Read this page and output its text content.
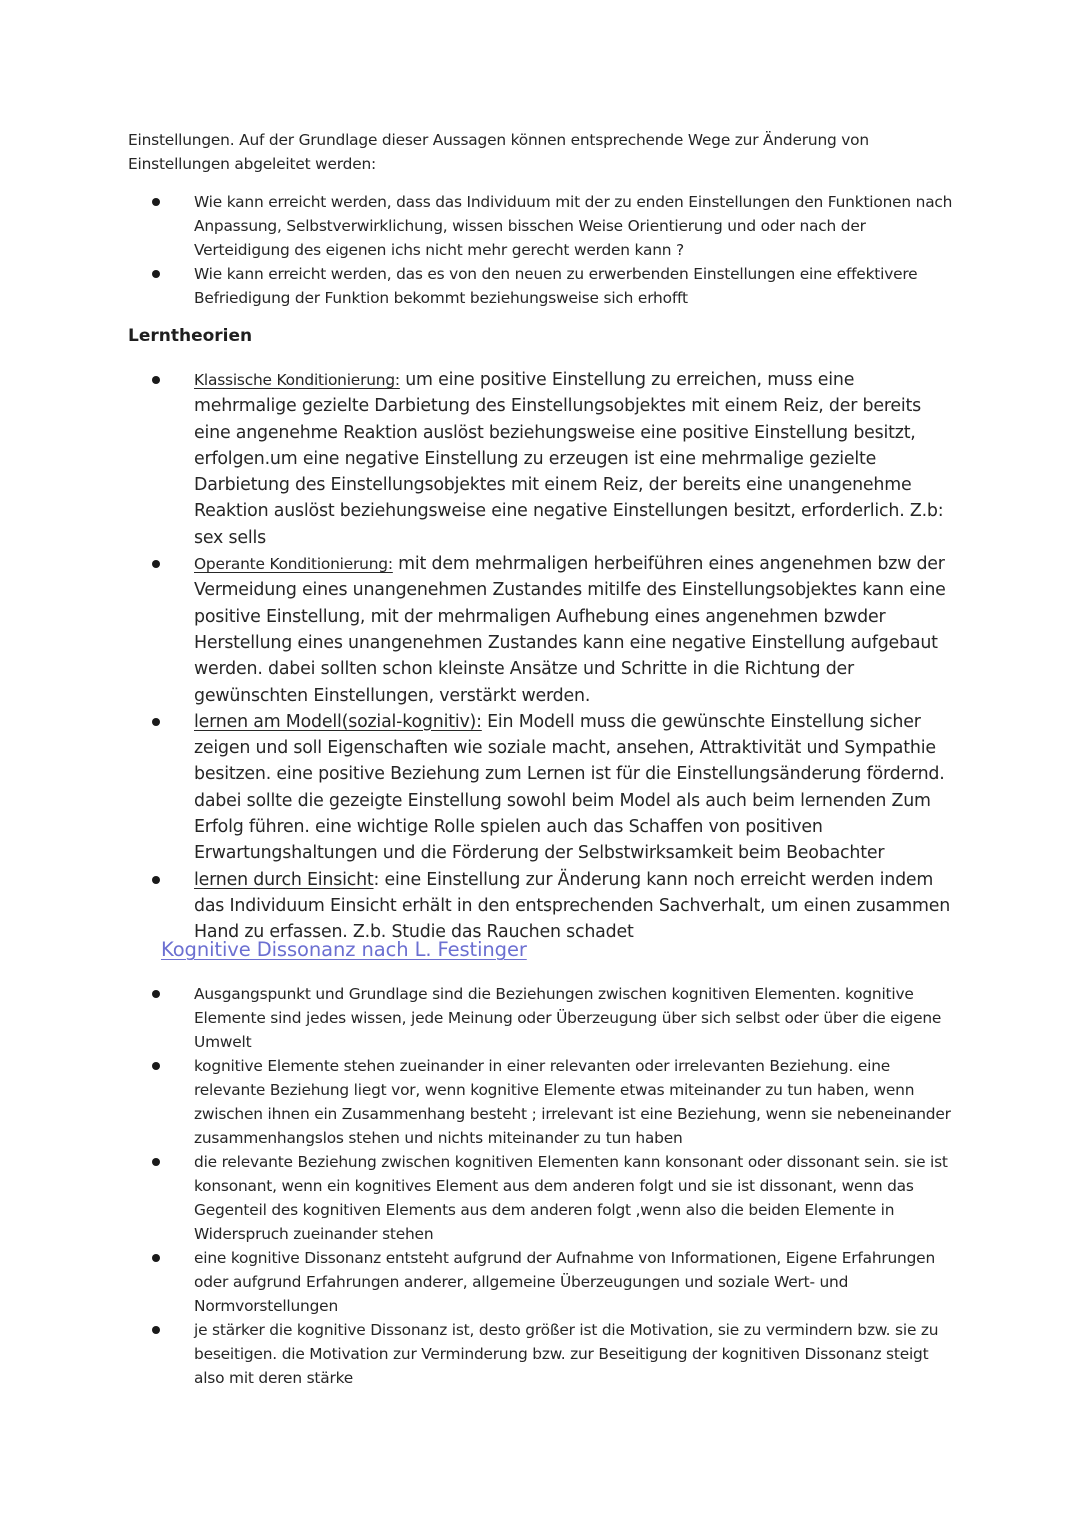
Einstellungen. Auf der Grundlage dieser Aussagen können entsprechende Wege zur Änderung von
Einstellungen abgeleitet werden:
Wie kann erreicht werden, dass das Individuum mit der zu enden Einstellungen den Funktionen nach Anpassung, Selbstverwirklichung, wissen bisschen Weise Orientierung und oder nach der Verteidigung des eigenen ichs nicht mehr gerecht werden kann ?
Wie kann erreicht werden, das es von den neuen zu erwerbenden Einstellungen eine effektivere Befriedigung der Funktion bekommt beziehungsweise sich erhofft
Lerntheorien
Klassische Konditionierung: um eine positive Einstellung zu erreichen, muss eine mehrmalige gezielte Darbietung des Einstellungsobjektes mit einem Reiz, der bereits eine angenehme Reaktion auslöst beziehungsweise eine positive Einstellung besitzt, erfolgen.um eine negative Einstellung zu erzeugen ist eine mehrmalige gezielte Darbietung des Einstellungsobjektes mit einem Reiz, der bereits eine unangenehme Reaktion auslöst beziehungsweise eine negative Einstellungen besitzt, erforderlich. Z.b: sex sells
Operante Konditionierung: mit dem mehrmaligen herbeiführen eines angenehmen bzw der Vermeidung eines unangenehmen Zustandes mitilfe des Einstellungsobjektes kann eine positive Einstellung, mit der mehrmaligen Aufhebung eines angenehmen bzwder Herstellung eines unangenehmen Zustandes kann eine negative Einstellung aufgebaut werden. dabei sollten schon kleinste Ansätze und Schritte in die Richtung der gewünschten Einstellungen, verstärkt werden.
lernen am Modell(sozial-kognitiv): Ein Modell muss die gewünschte Einstellung sicher zeigen und soll Eigenschaften wie soziale macht, ansehen, Attraktivität und Sympathie besitzen. eine positive Beziehung zum Lernen ist für die Einstellungsänderung fördernd. dabei sollte die gezeigte Einstellung sowohl beim Model als auch beim lernenden Zum Erfolg führen. eine wichtige Rolle spielen auch das Schaffen von positiven Erwartungshaltungen und die Förderung der Selbstwirksamkeit beim Beobachter
lernen durch Einsicht: eine Einstellung zur Änderung kann noch erreicht werden indem das Individuum Einsicht erhält in den entsprechenden Sachverhalt, um einen zusammen Hand zu erfassen. Z.b. Studie das Rauchen schadet
Kognitive Dissonanz nach L. Festinger
Ausgangspunkt und Grundlage sind die Beziehungen zwischen kognitiven Elementen. kognitive Elemente sind jedes wissen, jede Meinung oder Überzeugung über sich selbst oder über die eigene Umwelt
kognitive Elemente stehen zueinander in einer relevanten oder irrelevanten Beziehung. eine relevante Beziehung liegt vor, wenn kognitive Elemente etwas miteinander zu tun haben, wenn zwischen ihnen ein Zusammenhang besteht ; irrelevant ist eine Beziehung, wenn sie nebeneinander zusammenhangslos stehen und nichts miteinander zu tun haben
die relevante Beziehung zwischen kognitiven Elementen kann konsonant oder dissonant sein. sie ist konsonant, wenn ein kognitives Element aus dem anderen folgt und sie ist dissonant, wenn das Gegenteil des kognitiven Elements aus dem anderen folgt ,wenn also die beiden Elemente in Widerspruch zueinander stehen
eine kognitive Dissonanz entsteht aufgrund der Aufnahme von Informationen, Eigene Erfahrungen oder aufgrund Erfahrungen anderer, allgemeine Überzeugungen und soziale Wert- und Normvorstellungen
je stärker die kognitive Dissonanz ist, desto größer ist die Motivation, sie zu vermindern bzw. sie zu beseitigen. die Motivation zur Verminderung bzw. zur Beseitigung der kognitiven Dissonanz steigt also mit deren stärke
